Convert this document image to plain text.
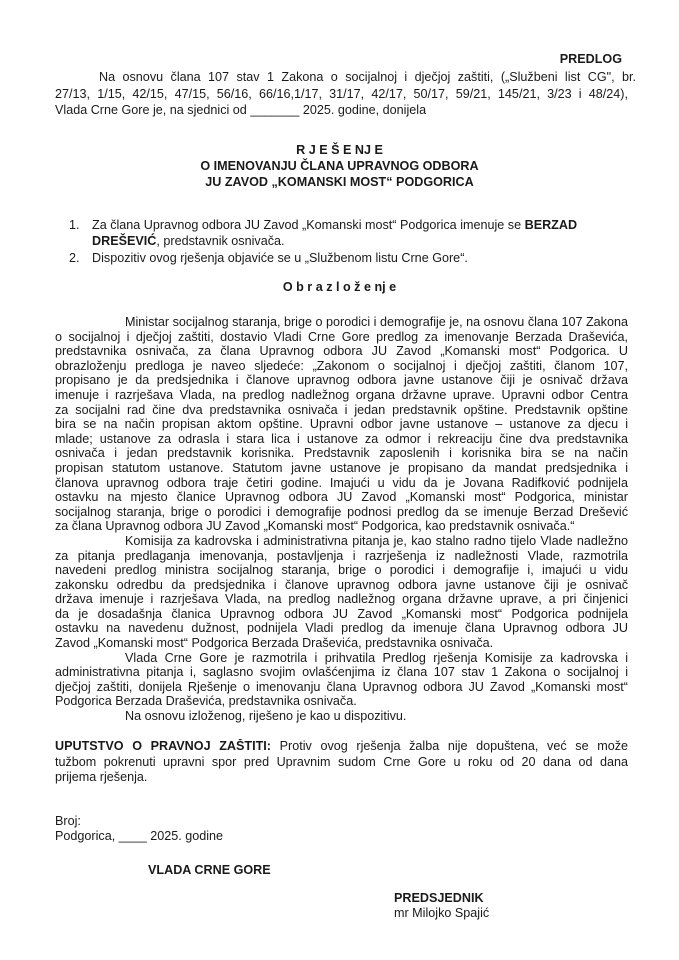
PREDLOG
Na osnovu člana 107 stav 1 Zakona o socijalnoj i dječjoj zaštiti, („Službeni list CG", br.
27/13, 1/15, 42/15, 47/15, 56/16, 66/16,1/17, 31/17, 42/17, 50/17, 59/21, 145/21, 3/23 i 48/24),
Vlada Crne Gore je, na sjednici od _______ 2025. godine, donijela
R J E Š E NJ E
O IMENOVANJU ČLANA UPRAVNOG ODBORA
JU ZAVOD „KOMANSKI MOST“ PODGORICA
1. Za člana Upravnog odbora JU Zavod „Komanski most“ Podgorica imenuje se BERZAD
DREŠEVIĆ, predstavnik osnivača.
2. Dispozitiv ovog rješenja objaviće se u „Službenom listu Crne Gore“.
O b r a z l o ž e nj e
Ministar socijalnog staranja, brige o porodici i demografije je, na osnovu člana 107 Zakona
o socijalnoj i dječjoj zaštiti, dostavio Vladi Crne Gore predlog za imenovanje Berzada Draševića,
predstavnika osnivača, za člana Upravnog odbora JU Zavod „Komanski most“ Podgorica. U
obrazloženju predloga je naveo sljedeće: „Zakonom o socijalnoj i dječjoj zaštiti, članom 107,
propisano je da predsjednika i članove upravnog odbora javne ustanove čiji je osnivač država
imenuje i razrješava Vlada, na predlog nadležnog organa državne uprave. Upravni odbor Centra
za socijalni rad čine dva predstavnika osnivača i jedan predstavnik opštine. Predstavnik opštine
bira se na način propisan aktom opštine. Upravni odbor javne ustanove – ustanove za djecu i
mlade; ustanove za odrasla i stara lica i ustanove za odmor i rekreaciju čine dva predstavnika
osnivača i jedan predstavnik korisnika. Predstavnik zaposlenih i korisnika bira se na način
propisan statutom ustanove. Statutom javne ustanove je propisano da mandat predsjednika i
članova upravnog odbora traje četiri godine. Imajući u vidu da je Jovana Radifković podnijela
ostavku na mjesto članice Upravnog odbora JU Zavod „Komanski most“ Podgorica, ministar
socijalnog staranja, brige o porodici i demografije podnosi predlog da se imenuje Berzad Drešević
za člana Upravnog odbora JU Zavod „Komanski most“ Podgorica, kao predstavnik osnivača.“
Komisija za kadrovska i administrativna pitanja je, kao stalno radno tijelo Vlade nadležno
za pitanja predlaganja imenovanja, postavljenja i razrješenja iz nadležnosti Vlade, razmotrila
navedeni predlog ministra socijalnog staranja, brige o porodici i demografije i, imajući u vidu
zakonsku odredbu da predsjednika i članove upravnog odbora javne ustanove čiji je osnivač
država imenuje i razrješava Vlada, na predlog nadležnog organa državne uprave, a pri činjenici
da je dosadašnja članica Upravnog odbora JU Zavod „Komanski most“ Podgorica podnijela
ostavku na navedenu dužnost, podnijela Vladi predlog da imenuje člana Upravnog odbora JU
Zavod „Komanski most“ Podgorica Berzada Draševića, predstavnika osnivača.
Vlada Crne Gore je razmotrila i prihvatila Predlog rješenja Komisije za kadrovska i
administrativna pitanja i, saglasno svojim ovlašćenjima iz člana 107 stav 1 Zakona o socijalnoj i
dječjoj zaštiti, donijela Rješenje o imenovanju člana Upravnog odbora JU Zavod „Komanski most“
Podgorica Berzada Draševića, predstavnika osnivača.
Na osnovu izloženog, riješeno je kao u dispozitivu.
UPUTSTVO O PRAVNOJ ZAŠTITI: Protiv ovog rješenja žalba nije dopuštena, već se može
tužbom pokrenuti upravni spor pred Upravnim sudom Crne Gore u roku od 20 dana od dana
prijema rješenja.
Broj:
Podgorica, ____ 2025. godine
VLADA CRNE GORE
PREDSJEDNIK
mr Milojko Spajić
